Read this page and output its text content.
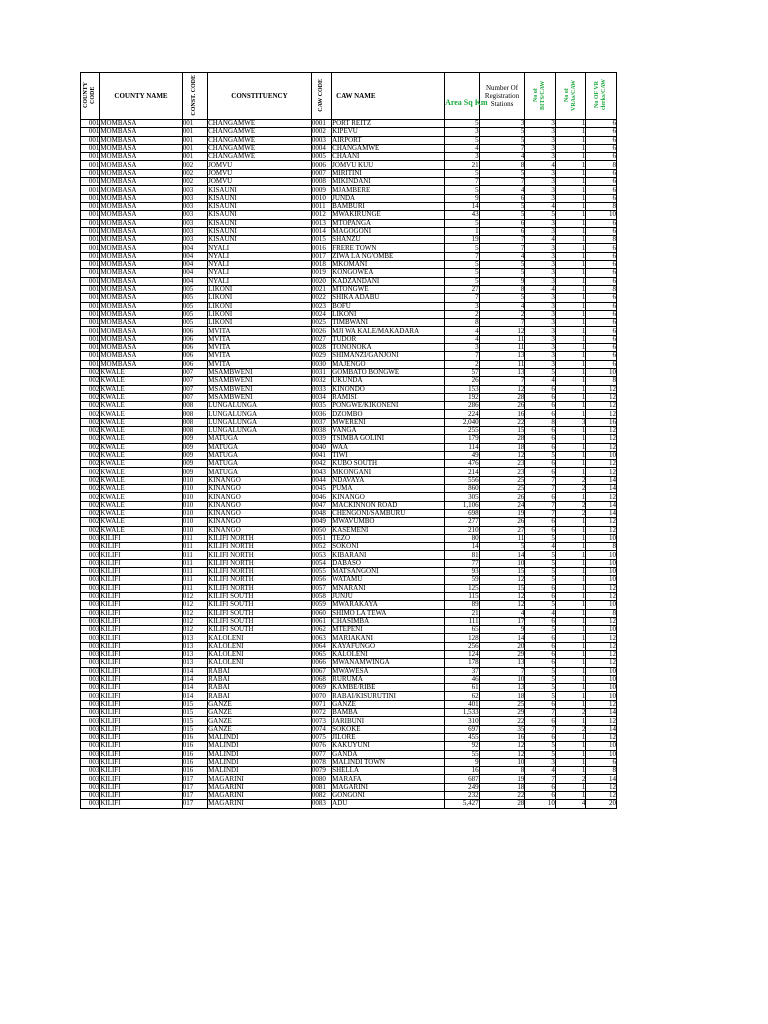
COUNTY CODE	COUNTY NAME	CONST. CODE	CONSTITUENCY	CAW CODE	CAW NAME	Area Sq Km	Number Of Registration Stations	No of BITS/CAW	No of VRAs/CAW	No OF VR clerks/CAW
001	MOMBASA	001	CHANGAMWE	0001	PORT REITZ	5	3	3	1	6
001	MOMBASA	001	CHANGAMWE	0002	KIPEVU	3	5	3	1	6
001	MOMBASA	001	CHANGAMWE	0003	AIRPORT	5	5	3	1	6
001	MOMBASA	001	CHANGAMWE	0004	CHANGAMWE	4	7	3	1	6
001	MOMBASA	001	CHANGAMWE	0005	CHAANI	3	4	3	1	6
001	MOMBASA	002	JOMVU	0006	JOMVU KUU	21	8	4	1	8
001	MOMBASA	002	JOMVU	0007	MIRITINI	5	5	3	1	6
001	MOMBASA	002	JOMVU	0008	MIKINDANI	7	7	3	1	6
001	MOMBASA	003	KISAUNI	0009	MJAMBERE	5	4	3	1	6
001	MOMBASA	003	KISAUNI	0010	JUNDA	9	6	3	1	6
001	MOMBASA	003	KISAUNI	0011	BAMBURI	14	5	4	1	8
001	MOMBASA	003	KISAUNI	0012	MWAKIRUNGE	43	5	5	1	10
001	MOMBASA	003	KISAUNI	0013	MTOPANGA	5	6	3	1	6
001	MOMBASA	003	KISAUNI	0014	MAGOGONI	1	6	3	1	6
001	MOMBASA	003	KISAUNI	0015	SHANZU	19	7	4	1	8
001	MOMBASA	004	NYALI	0016	FRERE TOWN	5	7	3	1	6
001	MOMBASA	004	NYALI	0017	ZIWA LA NG'OMBE	7	4	3	1	6
001	MOMBASA	004	NYALI	0018	MKOMANI	5	5	3	1	6
001	MOMBASA	004	NYALI	0019	KONGOWEA	5	5	3	1	6
001	MOMBASA	004	NYALI	0020	KADZANDANI	5	9	3	1	6
001	MOMBASA	005	LIKONI	0021	MTONGWE	27	8	4	1	8
001	MOMBASA	005	LIKONI	0022	SHIKA ADABU	7	5	3	1	6
001	MOMBASA	005	LIKONI	0023	BOFU	3	4	3	1	6
001	MOMBASA	005	LIKONI	0024	LIKONI	2	2	3	1	6
001	MOMBASA	005	LIKONI	0025	TIMBWANI	8	7	3	1	6
001	MOMBASA	006	MVITA	0026	MJI WA KALE/MAKADARA	4	12	3	1	6
001	MOMBASA	006	MVITA	0027	TUDOR	4	11	3	1	6
001	MOMBASA	006	MVITA	0028	TONONOKA	3	11	3	1	6
001	MOMBASA	006	MVITA	0029	SHIMANZI/GANJONI	7	13	3	1	6
001	MOMBASA	006	MVITA	0030	MAJENGO	2	11	3	1	6
002	KWALE	007	MSAMBWENI	0031	GOMBATO BONGWE	57	13	5	1	10
002	KWALE	007	MSAMBWENI	0032	UKUNDA	26	7	4	1	8
002	KWALE	007	MSAMBWENI	0033	KINONDO	153	12	6	1	12
002	KWALE	007	MSAMBWENI	0034	RAMISI	192	28	6	1	12
002	KWALE	008	LUNGALUNGA	0035	PONGWE/KIKONENI	286	26	6	1	12
002	KWALE	008	LUNGALUNGA	0036	DZOMBO	224	16	6	1	12
002	KWALE	008	LUNGALUNGA	0037	MWERENI	2,040	22	8	3	16
002	KWALE	008	LUNGALUNGA	0038	VANGA	255	15	6	1	12
002	KWALE	009	MATUGA	0039	TSIMBA GOLINI	179	28	6	1	12
002	KWALE	009	MATUGA	0040	WAA	114	18	6	1	12
002	KWALE	009	MATUGA	0041	TIWI	49	12	5	1	10
002	KWALE	009	MATUGA	0042	KUBO SOUTH	476	23	6	1	12
002	KWALE	009	MATUGA	0043	MKONGANI	214	23	6	1	12
002	KWALE	010	KINANGO	0044	NDAVAYA	556	25	7	2	14
002	KWALE	010	KINANGO	0045	PUMA	860	25	7	2	14
002	KWALE	010	KINANGO	0046	KINANGO	305	26	6	1	12
002	KWALE	010	KINANGO	0047	MACKINNON ROAD	1,106	24	7	2	14
002	KWALE	010	KINANGO	0048	CHENGONI/SAMBURU	698	19	7	2	14
002	KWALE	010	KINANGO	0049	MWAVUMBO	277	26	6	1	12
002	KWALE	010	KINANGO	0050	KASEMENI	210	27	6	1	12
003	KILIFI	011	KILIFI NORTH	0051	TEZO	80	11	5	1	10
003	KILIFI	011	KILIFI NORTH	0052	SOKONI	14	5	4	1	8
003	KILIFI	011	KILIFI NORTH	0053	KIBARANI	81	14	5	1	10
003	KILIFI	011	KILIFI NORTH	0054	DABASO	77	10	5	1	10
003	KILIFI	011	KILIFI NORTH	0055	MATSANGONI	93	15	5	1	10
003	KILIFI	011	KILIFI NORTH	0056	WATAMU	59	12	5	1	10
003	KILIFI	011	KILIFI NORTH	0057	MNARANI	125	15	6	1	12
003	KILIFI	012	KILIFI SOUTH	0058	JUNJU	115	12	6	1	12
003	KILIFI	012	KILIFI SOUTH	0059	MWARAKAYA	89	12	5	1	10
003	KILIFI	012	KILIFI SOUTH	0060	SHIMO LA TEWA	21	4	4	1	8
003	KILIFI	012	KILIFI SOUTH	0061	CHASIMBA	111	17	6	1	12
003	KILIFI	012	KILIFI SOUTH	0062	MTEPENI	65	9	5	1	10
003	KILIFI	013	KALOLENI	0063	MARIAKANI	128	14	6	1	12
003	KILIFI	013	KALOLENI	0064	KAYAFUNGO	256	20	6	1	12
003	KILIFI	013	KALOLENI	0065	KALOLENI	124	29	6	1	12
003	KILIFI	013	KALOLENI	0066	MWANAMWINGA	178	13	6	1	12
003	KILIFI	014	RABAI	0067	MWAWESA	37	7	5	1	10
003	KILIFI	014	RABAI	0068	RURUMA	46	10	5	1	10
003	KILIFI	014	RABAI	0069	KAMBE/RIBE	61	13	5	1	10
003	KILIFI	014	RABAI	0070	RABAI/KISURUTINI	62	18	5	1	10
003	KILIFI	015	GANZE	0071	GANZE	401	25	6	1	12
003	KILIFI	015	GANZE	0072	BAMBA	1,533	29	7	2	14
003	KILIFI	015	GANZE	0073	JARIBUNI	310	22	6	1	12
003	KILIFI	015	GANZE	0074	SOKOKE	697	35	7	2	14
003	KILIFI	016	MALINDI	0075	JILORE	455	16	6	1	12
003	KILIFI	016	MALINDI	0076	KAKUYUNI	92	12	5	1	10
003	KILIFI	016	MALINDI	0077	GANDA	55	12	5	1	10
003	KILIFI	016	MALINDI	0078	MALINDI TOWN	9	10	3	1	6
003	KILIFI	016	MALINDI	0079	SHELLA	16	8	4	1	8
003	KILIFI	017	MAGARINI	0080	MARAFA	687	19	7	2	14
003	KILIFI	017	MAGARINI	0081	MAGARINI	249	18	6	1	12
003	KILIFI	017	MAGARINI	0082	GONGONI	232	22	6	1	12
003	KILIFI	017	MAGARINI	0083	ADU	5,427	28	10	4	20
